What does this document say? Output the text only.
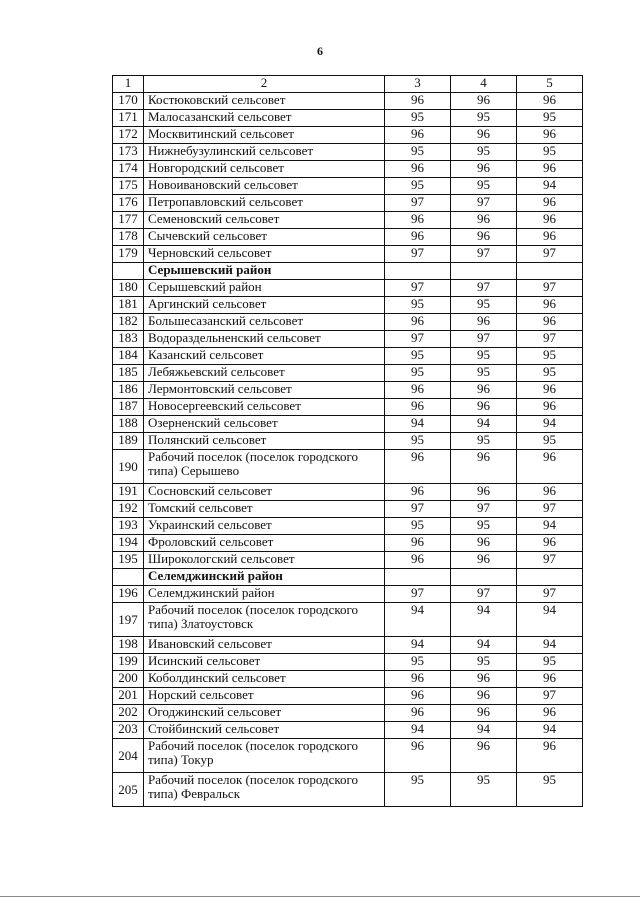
6
1	2	3	4	5
170	Костюковский сельсовет	96	96	96
171	Малосазанский сельсовет	95	95	95
172	Москвитинский сельсовет	96	96	96
173	Нижнебузулинский сельсовет	95	95	95
174	Новгородский сельсовет	96	96	96
175	Новоивановский сельсовет	95	95	94
176	Петропавловский сельсовет	97	97	96
177	Семеновский сельсовет	96	96	96
178	Сычевский сельсовет	96	96	96
179	Черновский сельсовет	97	97	97
	Серышевский район			
180	Серышевский район	97	97	97
181	Аргинский сельсовет	95	95	96
182	Большесазанский сельсовет	96	96	96
183	Водораздельненский сельсовет	97	97	97
184	Казанский сельсовет	95	95	95
185	Лебяжьевский сельсовет	95	95	95
186	Лермонтовский сельсовет	96	96	96
187	Новосергеевский сельсовет	96	96	96
188	Озерненский сельсовет	94	94	94
189	Полянский сельсовет	95	95	95
190	Рабочий поселок (поселок городского типа) Серышево	96	96	96
191	Сосновский сельсовет	96	96	96
192	Томский сельсовет	97	97	97
193	Украинский сельсовет	95	95	94
194	Фроловский сельсовет	96	96	96
195	Широкологский сельсовет	96	96	97
	Селемджинский район			
196	Селемджинский район	97	97	97
197	Рабочий поселок (поселок городского типа) Златоустовск	94	94	94
198	Ивановский сельсовет	94	94	94
199	Исинский сельсовет	95	95	95
200	Коболдинский сельсовет	96	96	96
201	Норский сельсовет	96	96	97
202	Огоджинский сельсовет	96	96	96
203	Стойбинский сельсовет	94	94	94
204	Рабочий поселок (поселок городского типа) Токур	96	96	96
205	Рабочий поселок (поселок городского типа) Февральск	95	95	95
